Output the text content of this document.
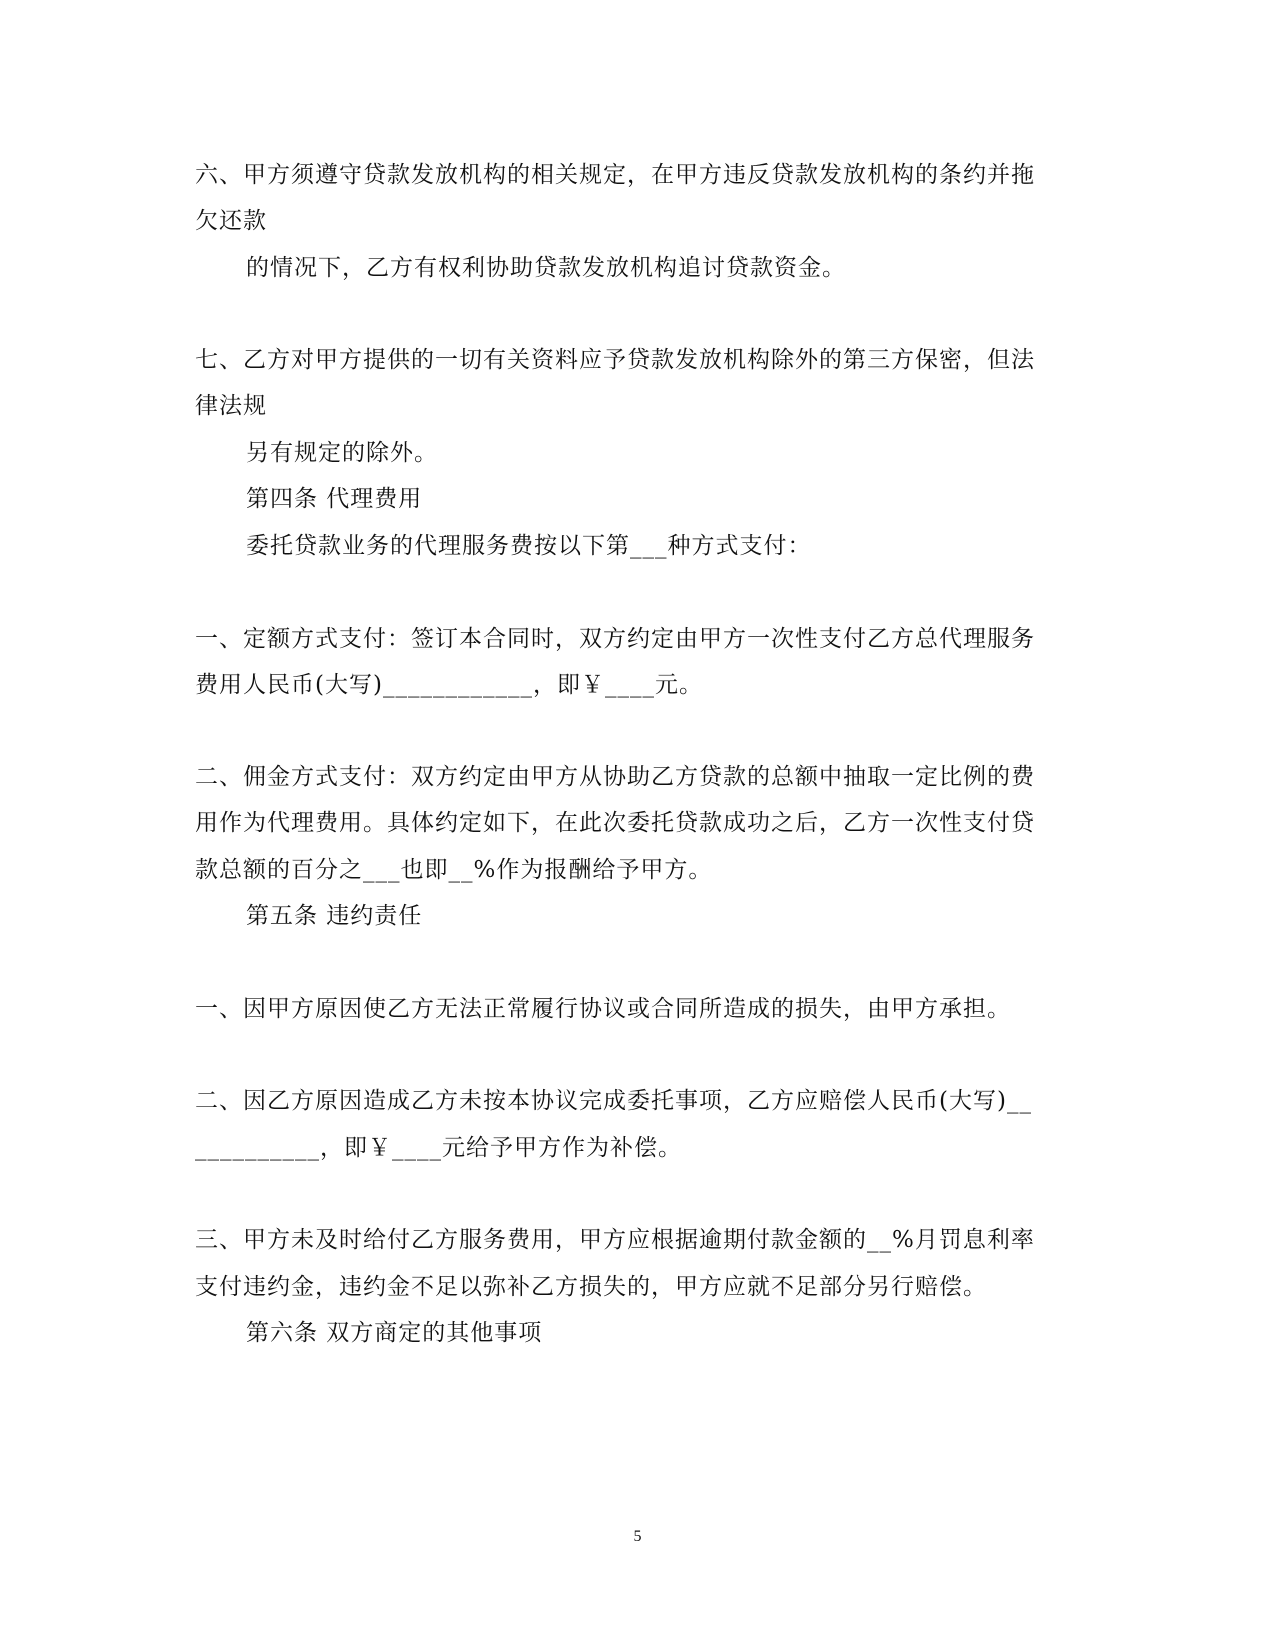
六、甲方须遵守贷款发放机构的相关规定，在甲方违反贷款发放机构的条约并拖
欠还款
的情况下，乙方有权利协助贷款发放机构追讨贷款资金。
七、乙方对甲方提供的一切有关资料应予贷款发放机构除外的第三方保密，但法
律法规
另有规定的除外。
第四条 代理费用
委托贷款业务的代理服务费按以下第___种方式支付：
一、定额方式支付：签订本合同时，双方约定由甲方一次性支付乙方总代理服务
费用人民币(大写)____________，即￥____元。
二、佣金方式支付：双方约定由甲方从协助乙方贷款的总额中抽取一定比例的费
用作为代理费用。具体约定如下，在此次委托贷款成功之后，乙方一次性支付贷
款总额的百分之___也即__%作为报酬给予甲方。
第五条 违约责任
一、因甲方原因使乙方无法正常履行协议或合同所造成的损失，由甲方承担。
二、因乙方原因造成乙方未按本协议完成委托事项，乙方应赔偿人民币(大写)__
__________，即￥____元给予甲方作为补偿。
三、甲方未及时给付乙方服务费用，甲方应根据逾期付款金额的__%月罚息利率
支付违约金，违约金不足以弥补乙方损失的，甲方应就不足部分另行赔偿。
第六条 双方商定的其他事项
5
